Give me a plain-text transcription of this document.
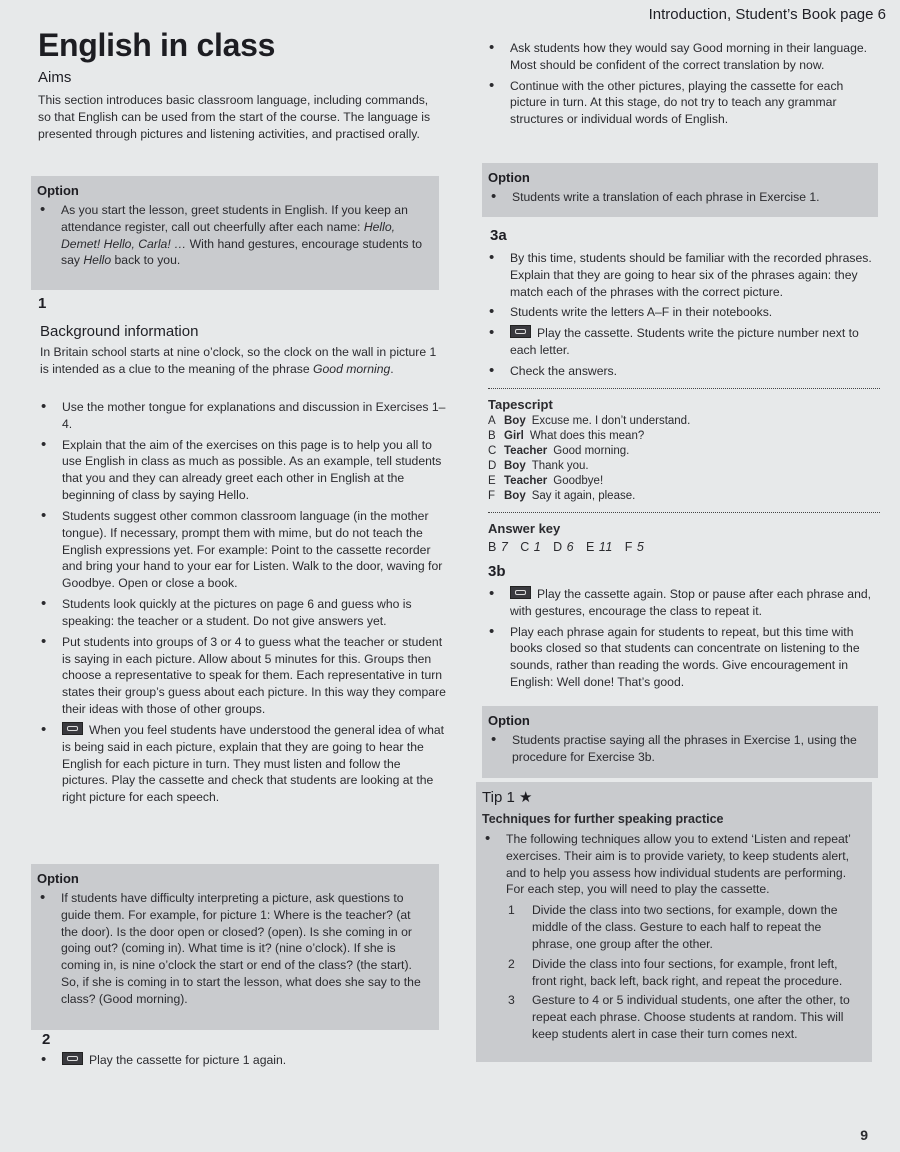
Introduction, Student’s Book page 6
9
English in class
Aims

This section introduces basic classroom language, including commands, so that English can be used from the start of the course. The language is presented through pictures and listening activities, and practised orally.

Option
• As you start the lesson, greet students in English. If you keep an attendance register, call out cheerfully after each name: Hello, Demet! Hello, Carla! … With hand gestures, encourage students to say Hello back to you.
1
Background information

In Britain school starts at nine o’clock, so the clock on the wall in picture 1 is intended as a clue to the meaning of the phrase Good morning.

• Use the mother tongue for explanations and discussion in Exercises 1–4.
• Explain that the aim of the exercises on this page is to help you all to use English in class as much as possible. As an example, tell students that you and they can already greet each other in English at the beginning of class by saying Hello.
• Students suggest other common classroom language (in the mother tongue). If necessary, prompt them with mime, but do not teach the English expressions yet. For example: Point to the cassette recorder and bring your hand to your ear for Listen. Walk to the door, waving for Goodbye. Open or close a book.
• Students look quickly at the pictures on page 6 and guess who is speaking: the teacher or a student. Do not give answers yet.
• Put students into groups of 3 or 4 to guess what the teacher or student is saying in each picture. Allow about 5 minutes for this. Groups then choose a representative to speak for them. Each representative in turn states their group’s guess about each picture. In this way they compare their ideas with those of other groups.
• When you feel students have understood the general idea of what is being said in each picture, explain that they are going to hear the English for each picture in turn. They must listen and follow the pictures. Play the cassette and check that students are looking at the right picture for each speech.
Option
• If students have difficulty interpreting a picture, ask questions to guide them. For example, for picture 1: Where is the teacher? (at the door). Is the door open or closed? (open). Is she coming in or going out? (coming in). What time is it? (nine o’clock). If she is coming in, is nine o’clock the start or end of the class? (the start). So, if she is coming in to start the lesson, what does she say to the class? (Good morning).
2
• Play the cassette for picture 1 again.
• Ask students how they would say Good morning in their language. Most should be confident of the correct translation by now.
• Continue with the other pictures, playing the cassette for each picture in turn. At this stage, do not try to teach any grammar structures or individual words of English.
Option
• Students write a translation of each phrase in Exercise 1.
3a
• By this time, students should be familiar with the recorded phrases. Explain that they are going to hear six of the phrases again: they match each of the phrases with the correct picture.
• Students write the letters A–F in their notebooks.
• Play the cassette. Students write the picture number next to each letter.
• Check the answers.
Tapescript
A Boy Excuse me. I don’t understand.
B Girl What does this mean?
C Teacher Good morning.
D Boy Thank you.
E Teacher Goodbye!
F Boy Say it again, please.
Answer key
B 7 C 1 D 6 E 11 F 5
3b
• Play the cassette again. Stop or pause after each phrase and, with gestures, encourage the class to repeat it.
• Play each phrase again for students to repeat, but this time with books closed so that students can concentrate on listening to the sounds, rather than reading the words. Give encouragement in English: Well done! That’s good.
Option
• Students practise saying all the phrases in Exercise 1, using the procedure for Exercise 3b.
Tip 1 ★
Techniques for further speaking practice
• The following techniques allow you to extend ‘Listen and repeat’ exercises. Their aim is to provide variety, to keep students alert, and to help you assess how individual students are performing. For each step, you will need to play the cassette.
1 Divide the class into two sections, for example, down the middle of the class. Gesture to each half to repeat the phrase, one group after the other.
2 Divide the class into four sections, for example, front left, front right, back left, back right, and repeat the procedure.
3 Gesture to 4 or 5 individual students, one after the other, to repeat each phrase. Choose students at random. This will keep students alert in case their turn comes next.
